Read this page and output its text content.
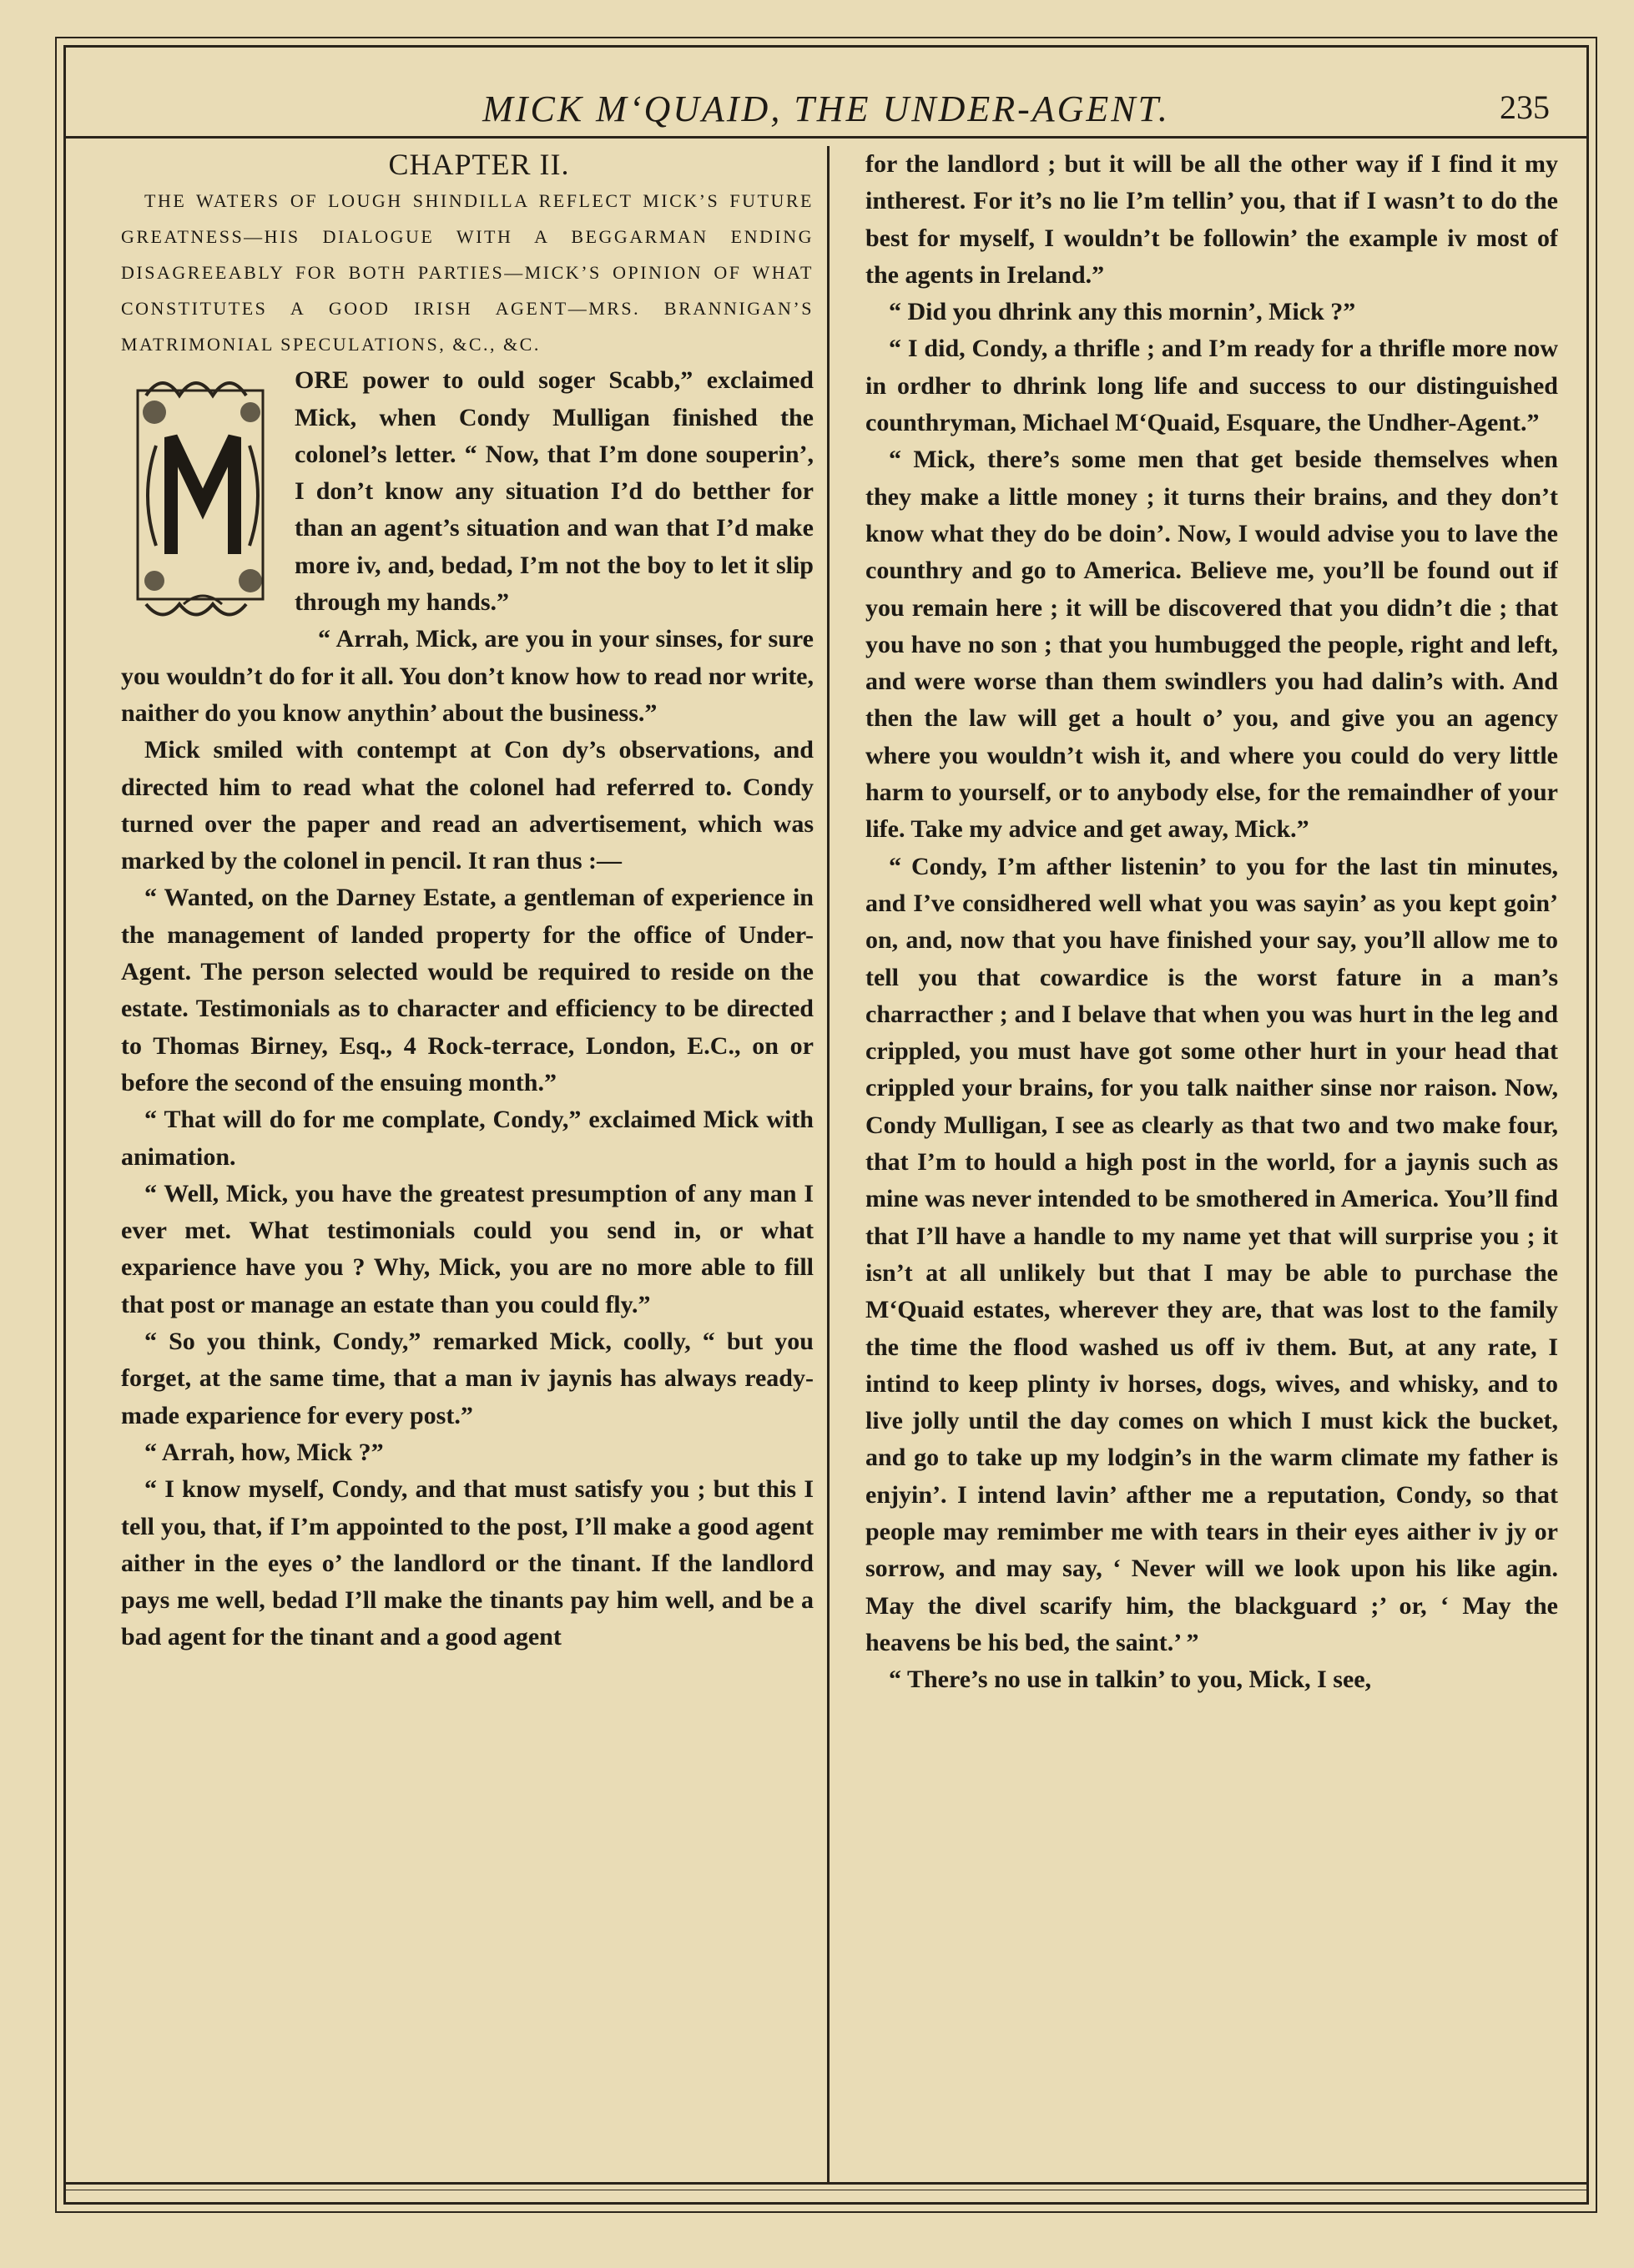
MICK M‘QUAID, THE UNDER-AGENT.	235

CHAPTER II.

THE WATERS OF LOUGH SHINDILLA REFLECT MICK’S FUTURE GREATNESS—HIS DIALOGUE WITH A BEGGARMAN ENDING DISAGREEABLY FOR BOTH PARTIES—MICK’S OPINION OF WHAT CONSTITUTES A GOOD IRISH AGENT—MRS. BRANNIGAN’S MATRIMONIAL SPECULATIONS, &C., &C.

ORE power to ould soger Scabb,” exclaimed Mick, when Condy Mulligan finished the colonel’s letter. “ Now, that I’m done souperin’, I don’t know any situation I’d do betther for than an agent’s situation and wan that I’d make more iv, and, bedad, I’m not the boy to let it slip through my hands.”

“ Arrah, Mick, are you in your sinses, for sure you wouldn’t do for it all. You don’t know how to read nor write, naither do you know anythin’ about the business.”

Mick smiled with contempt at Con dy’s observations, and directed him to read what the colonel had referred to. Condy turned over the paper and read an advertisement, which was marked by the colonel in pencil. It ran thus :—

“ Wanted, on the Darney Estate, a gentleman of experience in the management of landed property for the office of Under-Agent. The person selected would be required to reside on the estate. Testimonials as to character and efficiency to be directed to Thomas Birney, Esq., 4 Rock-terrace, London, E.C., on or before the second of the ensuing month.”

“ That will do for me complate, Condy,” exclaimed Mick with animation.

“ Well, Mick, you have the greatest presumption of any man I ever met. What testimonials could you send in, or what exparience have you ? Why, Mick, you are no more able to fill that post or manage an estate than you could fly.”

“ So you think, Condy,” remarked Mick, coolly, “ but you forget, at the same time, that a man iv jaynis has always ready-made exparience for every post.”

“ Arrah, how, Mick ?”

“ I know myself, Condy, and that must satisfy you ; but this I tell you, that, if I’m appointed to the post, I’ll make a good agent aither in the eyes o’ the landlord or the tinant. If the landlord pays me well, bedad I’ll make the tinants pay him well, and be a bad agent for the tinant and a good agent

for the landlord ; but it will be all the other way if I find it my intherest. For it’s no lie I’m tellin’ you, that if I wasn’t to do the best for myself, I wouldn’t be followin’ the example iv most of the agents in Ireland.”

“ Did you dhrink any this mornin’, Mick ?”

“ I did, Condy, a thrifle ; and I’m ready for a thrifle more now in ordher to dhrink long life and success to our distinguished counthryman, Michael M‘Quaid, Esquare, the Undher-Agent.”

“ Mick, there’s some men that get beside themselves when they make a little money ; it turns their brains, and they don’t know what they do be doin’. Now, I would advise you to lave the counthry and go to America. Believe me, you’ll be found out if you remain here ; it will be discovered that you didn’t die ; that you have no son ; that you humbugged the people, right and left, and were worse than them swindlers you had dalin’s with. And then the law will get a hoult o’ you, and give you an agency where you wouldn’t wish it, and where you could do very little harm to yourself, or to anybody else, for the remaindher of your life. Take my advice and get away, Mick.”

“ Condy, I’m afther listenin’ to you for the last tin minutes, and I’ve considhered well what you was sayin’ as you kept goin’ on, and, now that you have finished your say, you’ll allow me to tell you that cowardice is the worst fature in a man’s charracther ; and I belave that when you was hurt in the leg and crippled, you must have got some other hurt in your head that crippled your brains, for you talk naither sinse nor raison. Now, Condy Mulligan, I see as clearly as that two and two make four, that I’m to hould a high post in the world, for a jaynis such as mine was never intended to be smothered in America. You’ll find that I’ll have a handle to my name yet that will surprise you ; it isn’t at all unlikely but that I may be able to purchase the M‘Quaid estates, wherever they are, that was lost to the family the time the flood washed us off iv them. But, at any rate, I intind to keep plinty iv horses, dogs, wives, and whisky, and to live jolly until the day comes on which I must kick the bucket, and go to take up my lodgin’s in the warm climate my father is enjyin’. I intend lavin’ afther me a reputation, Condy, so that people may remimber me with tears in their eyes aither iv jy or sorrow, and may say, ‘ Never will we look upon his like agin. May the divel scarify him, the blackguard ;’ or, ‘ May the heavens be his bed, the saint.’ ”

“ There’s no use in talkin’ to you, Mick, I see,
